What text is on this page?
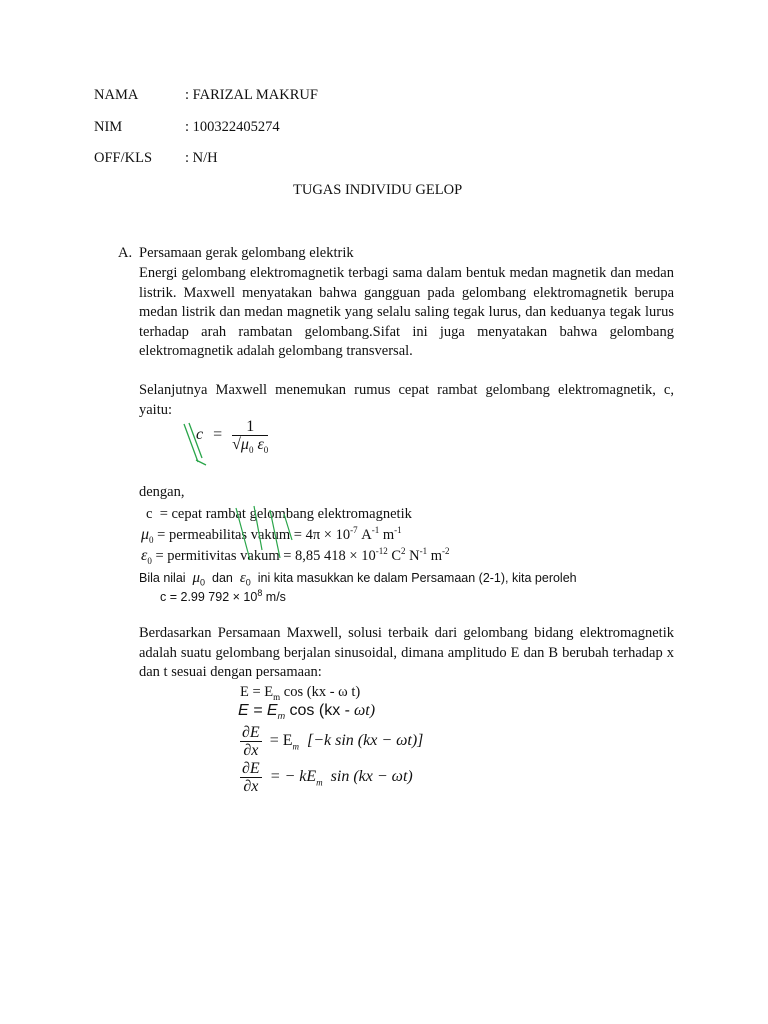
NAMA	: FARIZAL MAKRUF
NIM	: 100322405274
OFF/KLS : N/H
TUGAS INDIVIDU GELOP
A. Persamaan gerak gelombang elektrik
Energi gelombang elektromagnetik terbagi sama dalam bentuk medan magnetik dan medan listrik. Maxwell menyatakan bahwa gangguan pada gelombang elektromagnetik berupa medan listrik dan medan magnetik yang selalu saling tegak lurus, dan keduanya tegak lurus terhadap arah rambatan gelombang.Sifat ini juga menyatakan bahwa gelombang elektromagnetik adalah gelombang transversal.
Selanjutnya Maxwell menemukan rumus cepat rambat gelombang elektromagnetik, c, yaitu:
$c = \frac{1}{√\mu_0 \varepsilon_0}$
dengan,
c = cepat rambat gelombang elektromagnetik
$\mu_0$ = permeabilitas vakum = $4\pi \times 10^{-7}$ $A^{-1}$ $m^{-1}$
$\varepsilon_0$ = permitivitas vakum = 8,85 $418 \times 10^{-12}$ $C^2$ $N^{-1}$ $m^{-2}$
Bila nilai $\mu_0$ dan $\varepsilon_0$ ini kita masukkan ke dalam Persamaan (2-1), kita peroleh
c = 2.99 $792 \times 10^8$ m/s
Berdasarkan Persamaan Maxwell, solusi terbaik dari gelombang bidang elektromagnetik adalah suatu gelombang berjalan sinusoidal, dimana amplitudo E dan B berubah terhadap x dan t sesuai dengan persamaan:
$E = E_m$ cos (kx - ω t)
$E = E_m$ cos (kx - ωt)
$\frac{\partial E}{\partial x} = E_m$ [−k sin (kx − ωt)]
$\frac{\partial E}{\partial x}$ = − $kE_m$ sin (kx − ωt)
